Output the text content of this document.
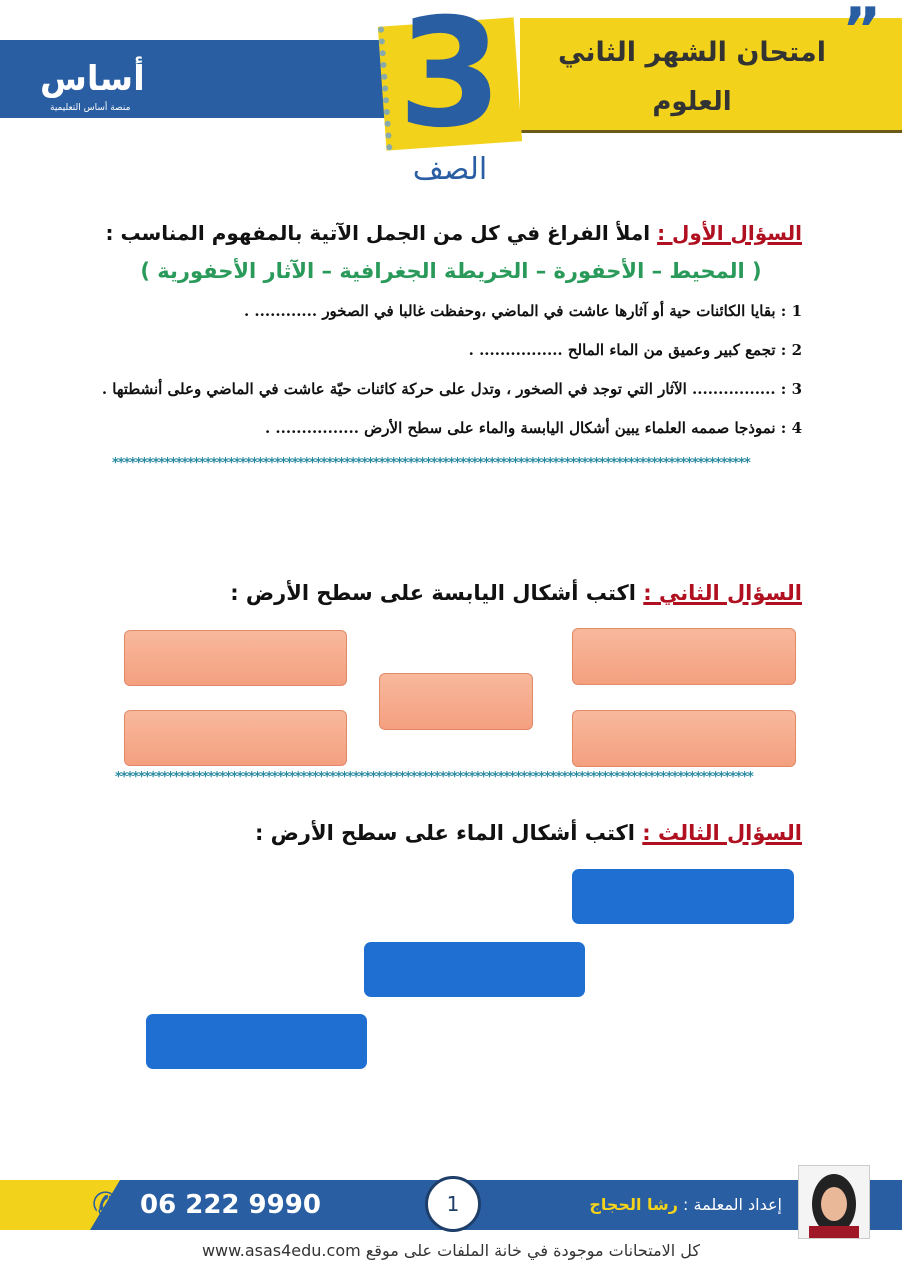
أساس
منصة أساس التعليمية 3
الصف
”
امتحان الشهر الثاني
العلوم
السؤال الأول : املأ الفراغ في كل من الجمل الآتية بالمفهوم المناسب :
( المحيط – الأحفورة – الخريطة الجغرافية – الآثار الأحفورية )
1 : بقايا الكائنات حية أو آثارها عاشت في الماضي ،وحفظت غالبا في الصخور ............ .
2 : تجمع كبير وعميق من الماء المالح ................ .
3 : ................ الآثار التي توجد في الصخور ، وتدل على حركة كائنات حيّة عاشت في الماضي وعلى أنشطتها .
4 : نموذجا صممه العلماء يبين أشكال اليابسة والماء على سطح الأرض ................ .
**************************************************************************************************************
السؤال الثاني : اكتب أشكال اليابسة على سطح الأرض :
**************************************************************************************************************
السؤال الثالث : اكتب أشكال الماء على سطح الأرض :
✆ 06 222 9990	1	إعداد المعلمة : رشا الحجاج
كل الامتحانات موجودة في خانة الملفات على موقع www.asas4edu.com
